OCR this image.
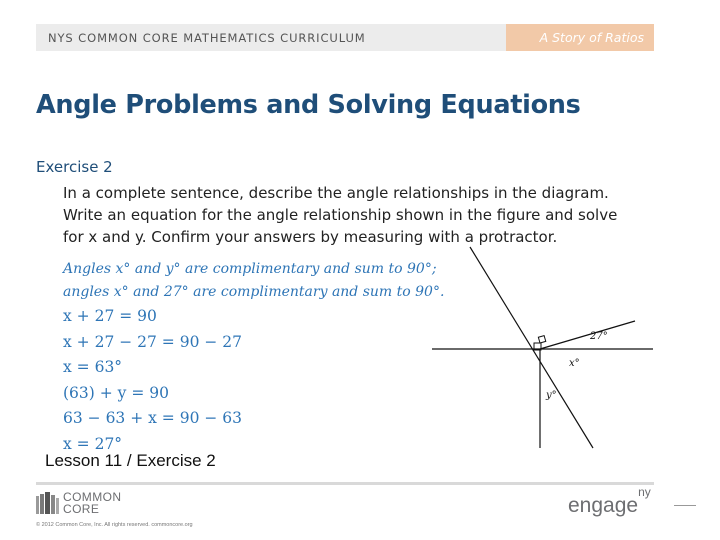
NYS COMMON CORE MATHEMATICS CURRICULUM	A Story of Ratios
Angle Problems and Solving Equations
Exercise 2
In a complete sentence, describe the angle relationships in the diagram.
Write an equation for the angle relationship shown in the figure and solve
for x and y. Confirm your answers by measuring with a protractor.
Angles x° and y° are complimentary and sum to 90°;
angles x° and 27° are complimentary and sum to 90°.
x + 27 = 90
x + 27 − 27 = 90 − 27
x = 63°
(63) + y = 90
63 − 63 + x = 90 − 63
x = 27°
27°
x°
y°
Lesson 11 / Exercise 2
COMMON
CORE
© 2012 Common Core, Inc. All rights reserved. commoncore.org
engage$^{ny}$
